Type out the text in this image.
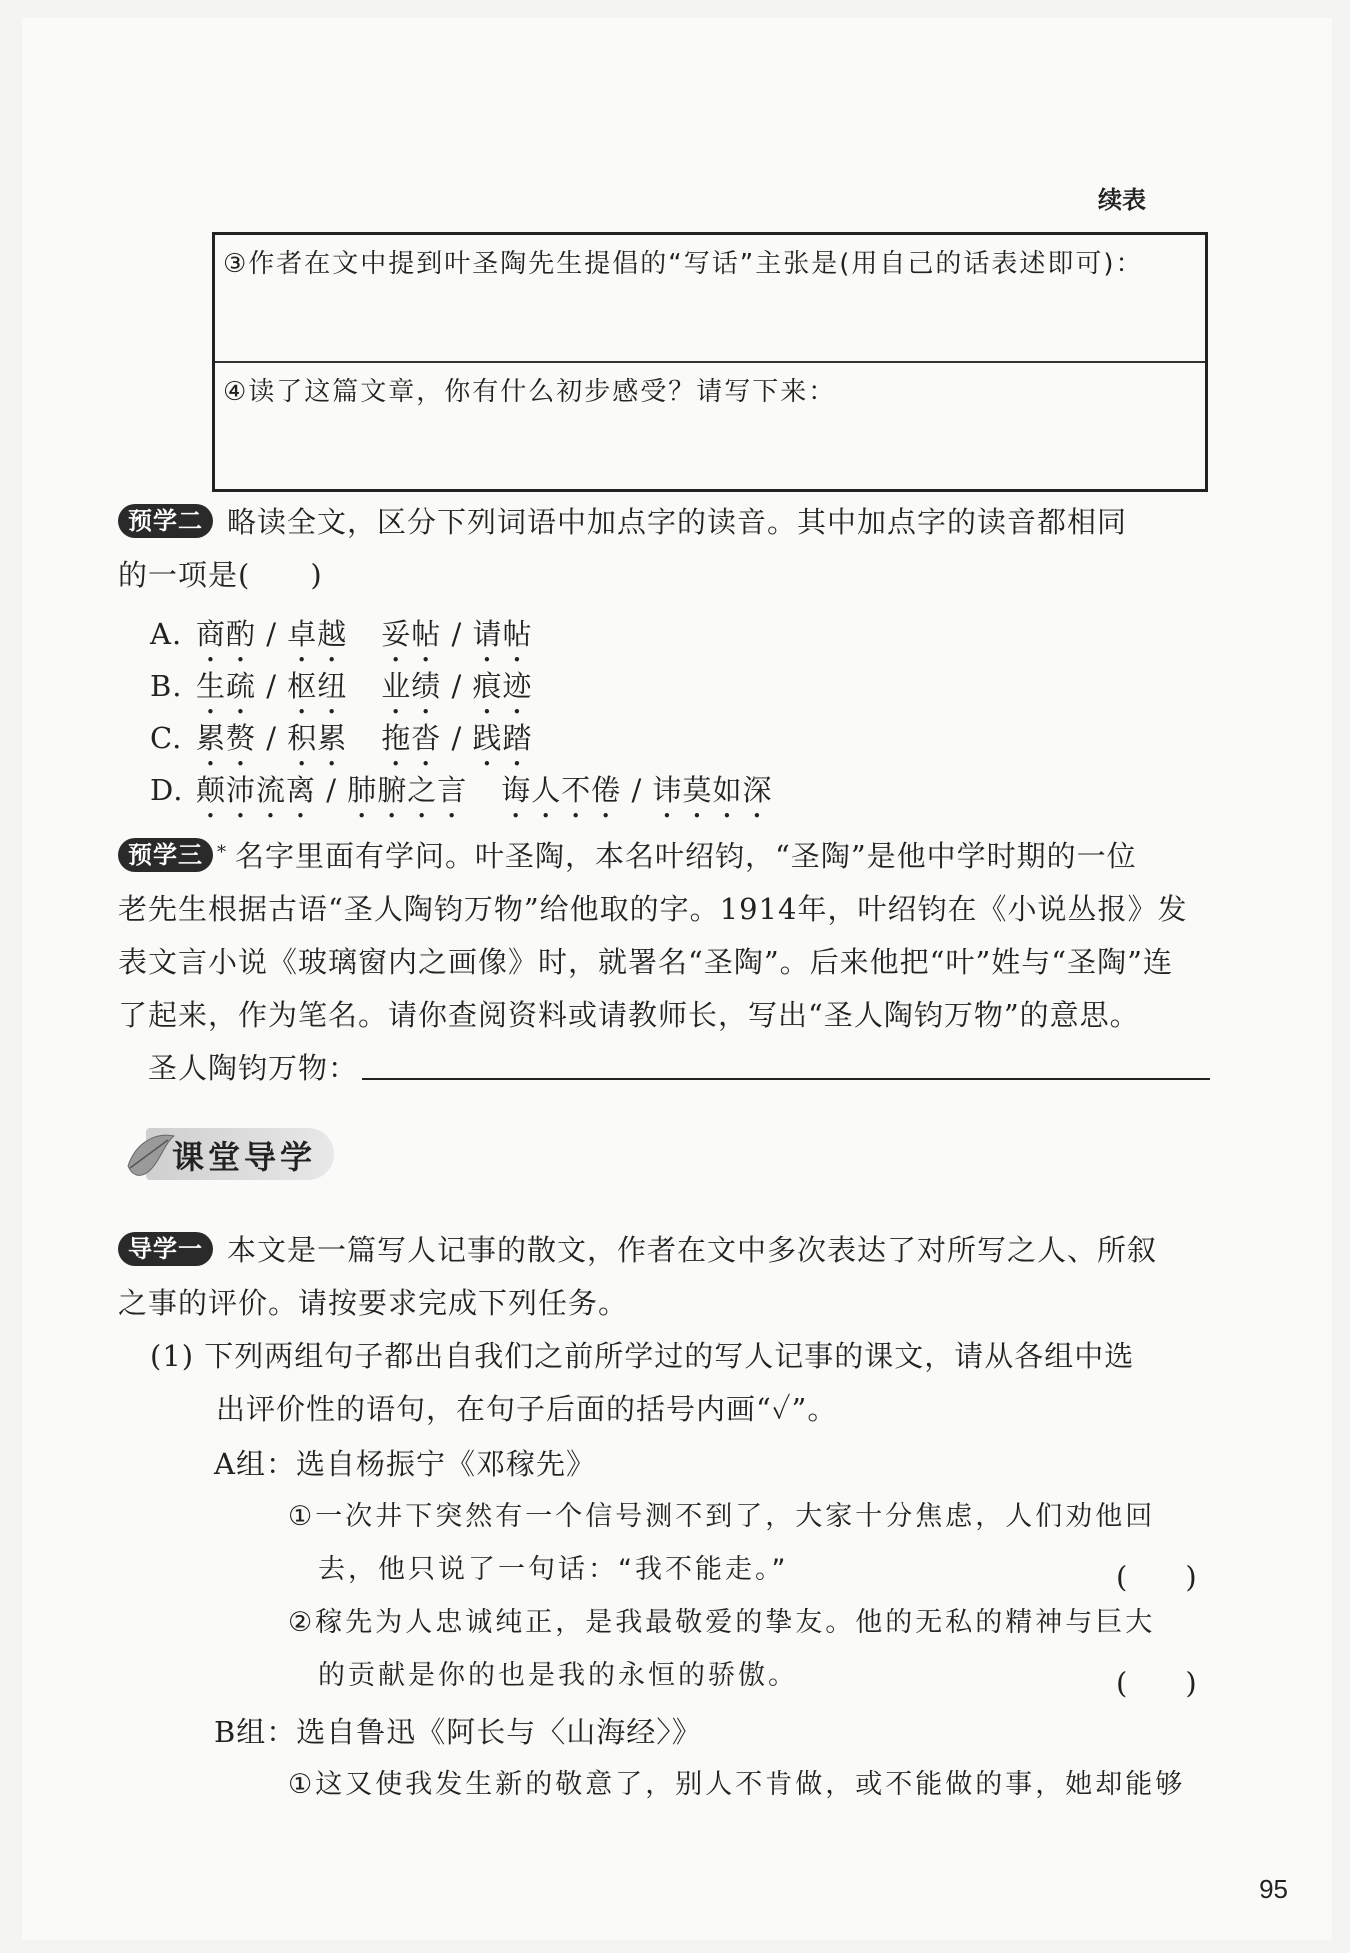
续表
③作者在文中提到叶圣陶先生提倡的“写话”主张是(用自己的话表述即可)：
④读了这篇文章，你有什么初步感受？请写下来：
预学二 略读全文，区分下列词语中加点字的读音。其中加点字的读音都相同
的一项是(　　)
A. 商酌 / 卓越 妥帖 / 请帖
B. 生疏 / 枢纽 业绩 / 痕迹
C. 累赘 / 积累 拖沓 / 践踏
D. 颠沛流离 / 肺腑之言 诲人不倦 / 讳莫如深
预学三 * 名字里面有学问。叶圣陶，本名叶绍钧，“圣陶”是他中学时期的一位
老先生根据古语“圣人陶钧万物”给他取的字。1914年，叶绍钧在《小说丛报》发
表文言小说《玻璃窗内之画像》时，就署名“圣陶”。后来他把“叶”姓与“圣陶”连
了起来，作为笔名。请你查阅资料或请教师长，写出“圣人陶钧万物”的意思。
圣人陶钧万物：
课堂导学
导学一 本文是一篇写人记事的散文，作者在文中多次表达了对所写之人、所叙
之事的评价。请按要求完成下列任务。
(1) 下列两组句子都出自我们之前所学过的写人记事的课文，请从各组中选
出评价性的语句，在句子后面的括号内画“✓”。
A组：选自杨振宁《邓稼先》
①一次井下突然有一个信号测不到了，大家十分焦虑，人们劝他回
去，他只说了一句话：“我不能走。”	(　　)
②稼先为人忠诚纯正，是我最敬爱的挚友。他的无私的精神与巨大
的贡献是你的也是我的永恒的骄傲。	(　　)
B组：选自鲁迅《阿长与〈山海经〉》
①这又使我发生新的敬意了，别人不肯做，或不能做的事，她却能够
95
